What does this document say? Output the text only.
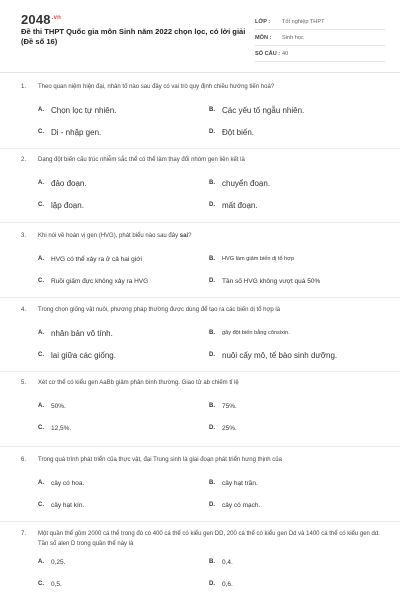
$2048^{.vn}$
Đề thi THPT Quốc gia môn Sinh năm 2022 chọn lọc, có lời giải (Đề số 16)
LỚP :	Tốt nghiệp THPT
MÔN :	Sinh học
SỐ CÂU : 40
1.	Theo quan niệm hiện đại, nhân tố nào sau đây có vai trò quy định chiều hướng tiến hoá?
A. Chọn lọc tự nhiên.	B. Các yếu tố ngẫu nhiên.
C. Di - nhập gen.	D. Đột biến.
2.	Dạng đột biến cấu trúc nhiễm sắc thể có thể làm thay đổi nhóm gen liên kết là
A. đảo đoạn.	B. chuyển đoạn.
C. lặp đoạn.	D. mất đoạn.
3.	Khi nói về hoán vị gen (HVG), phát biểu nào sau đây sai?
A.	HVG có thể xảy ra ở cả hai giới	B.	HVG làm giảm biến dị tổ hợp
C.	Ruồi giấm đực không xảy ra HVG	D.	Tần số HVG không vượt quá 50%
4.	Trong chọn giống vật nuôi, phương pháp thường được dùng để tạo ra các biến dị tổ hợp là
A. nhân bản vô tính.	B.	gây đột biến bằng cônsixin.
C. lai giữa các giống.	D. nuôi cấy mô, tế bào sinh dưỡng.
5.	Xét cơ thể có kiểu gen AaBb giảm phân bình thường. Giao tử ab chiếm tỉ lệ
A.	50%.	B.	75%.
C.	12,5%.	D.	25%.
6.	Trong quá trình phát triển của thực vật, đại Trung sinh là giai đoạn phát triển hưng thịnh của
A.	cây có hoa.	B.	cây hạt trần.
C.	cây hạt kín.	D.	cây có mạch.
7.	Một quần thể gồm 2000 cá thể trong đó có 400 cá thể có kiểu gen DD, 200 cá thể có kiểu gen Dd và 1400 cá thể có kiểu gen dd. Tần số alen D trong quần thể này là
A.	0,25.	B.	0,4.
C.	0,5.	D.	0,6.
